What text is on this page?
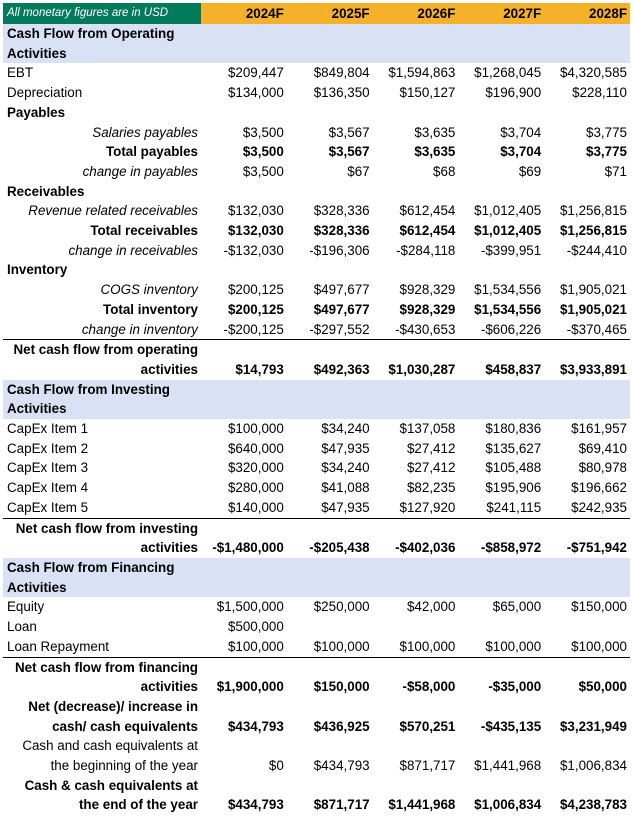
All monetary figures are in USD	2024F	2025F	2026F	2027F	2028F
Cash Flow from Operating Activities					
EBT	$209,447	$849,804	$1,594,863	$1,268,045	$4,320,585
Depreciation	$134,000	$136,350	$150,127	$196,900	$228,110
Payables					
Salaries payables	$3,500	$3,567	$3,635	$3,704	$3,775
Total payables	$3,500	$3,567	$3,635	$3,704	$3,775
change in payables	$3,500	$67	$68	$69	$71
Receivables					
Revenue related receivables	$132,030	$328,336	$612,454	$1,012,405	$1,256,815
Total receivables	$132,030	$328,336	$612,454	$1,012,405	$1,256,815
change in receivables	-$132,030	-$196,306	-$284,118	-$399,951	-$244,410
Inventory					
COGS inventory	$200,125	$497,677	$928,329	$1,534,556	$1,905,021
Total inventory	$200,125	$497,677	$928,329	$1,534,556	$1,905,021
change in inventory	-$200,125	-$297,552	-$430,653	-$606,226	-$370,465
Net cash flow from operating activities	$14,793	$492,363	$1,030,287	$458,837	$3,933,891
Cash Flow from Investing Activities					
CapEx Item 1	$100,000	$34,240	$137,058	$180,836	$161,957
CapEx Item 2	$640,000	$47,935	$27,412	$135,627	$69,410
CapEx Item 3	$320,000	$34,240	$27,412	$105,488	$80,978
CapEx Item 4	$280,000	$41,088	$82,235	$195,906	$196,662
CapEx Item 5	$140,000	$47,935	$127,920	$241,115	$242,935
Net cash flow from investing activities	-$1,480,000	-$205,438	-$402,036	-$858,972	-$751,942
Cash Flow from Financing Activities					
Equity	$1,500,000	$250,000	$42,000	$65,000	$150,000
Loan	$500,000				
Loan Repayment	$100,000	$100,000	$100,000	$100,000	$100,000
Net cash flow from financing activities	$1,900,000	$150,000	-$58,000	-$35,000	$50,000
Net (decrease)/ increase in cash/ cash equivalents	$434,793	$436,925	$570,251	-$435,135	$3,231,949
Cash and cash equivalents at the beginning of the year	$0	$434,793	$871,717	$1,441,968	$1,006,834
Cash & cash equivalents at the end of the year	$434,793	$871,717	$1,441,968	$1,006,834	$4,238,783
